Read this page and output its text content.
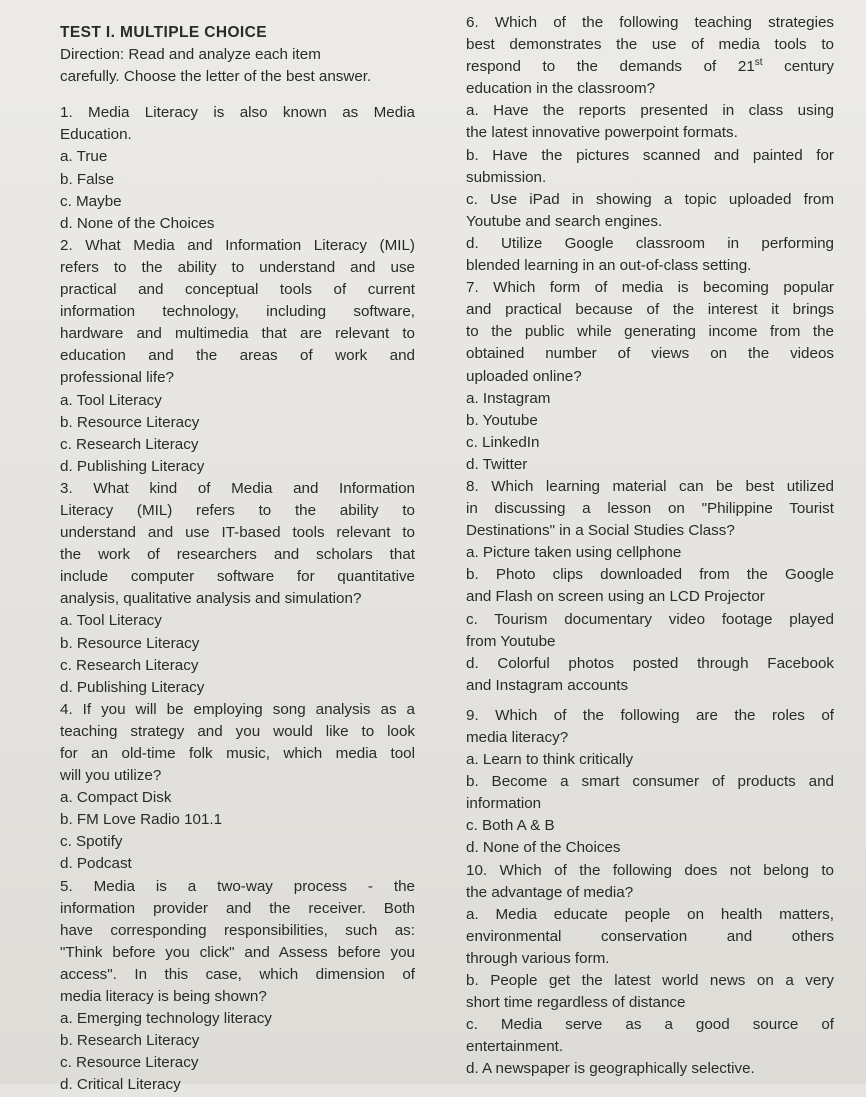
TEST I. MULTIPLE CHOICE
Direction: Read and analyze each item
carefully. Choose the letter of the best answer.
1. Media Literacy is also known as Media
Education.
a. True
b. False
c. Maybe
d. None of the Choices
2. What Media and Information Literacy (MIL)
refers to the ability to understand and use
practical and conceptual tools of current
information technology, including software,
hardware and multimedia that are relevant to
education and the areas of work and
professional life?
a. Tool Literacy
b. Resource Literacy
c. Research Literacy
d. Publishing Literacy
3. What kind of Media and Information
Literacy (MIL) refers to the ability to
understand and use IT-based tools relevant to
the work of researchers and scholars that
include computer software for quantitative
analysis, qualitative analysis and simulation?
a. Tool Literacy
b. Resource Literacy
c. Research Literacy
d. Publishing Literacy
4. If you will be employing song analysis as a
teaching strategy and you would like to look
for an old-time folk music, which media tool
will you utilize?
a. Compact Disk
b. FM Love Radio 101.1
c. Spotify
d. Podcast
5. Media is a two-way process - the
information provider and the receiver. Both
have corresponding responsibilities, such as:
"Think before you click" and Assess before you
access". In this case, which dimension of
media literacy is being shown?
a. Emerging technology literacy
b. Research Literacy
c. Resource Literacy
d. Critical Literacy
6. Which of the following teaching strategies
best demonstrates the use of media tools to
respond to the demands of 21st century
education in the classroom?
a. Have the reports presented in class using
the latest innovative powerpoint formats.
b. Have the pictures scanned and painted for
submission.
c. Use iPad in showing a topic uploaded from
Youtube and search engines.
d. Utilize Google classroom in performing
blended learning in an out-of-class setting.
7. Which form of media is becoming popular
and practical because of the interest it brings
to the public while generating income from the
obtained number of views on the videos
uploaded online?
a. Instagram
b. Youtube
c. LinkedIn
d. Twitter
8. Which learning material can be best utilized
in discussing a lesson on "Philippine Tourist
Destinations" in a Social Studies Class?
a. Picture taken using cellphone
b. Photo clips downloaded from the Google
and Flash on screen using an LCD Projector
c. Tourism documentary video footage played
from Youtube
d. Colorful photos posted through Facebook
and Instagram accounts
9. Which of the following are the roles of
media literacy?
a. Learn to think critically
b. Become a smart consumer of products and
information
c. Both A & B
d. None of the Choices
10. Which of the following does not belong to
the advantage of media?
a. Media educate people on health matters,
environmental conservation and others
through various form.
b. People get the latest world news on a very
short time regardless of distance
c. Media serve as a good source of
entertainment.
d. A newspaper is geographically selective.
